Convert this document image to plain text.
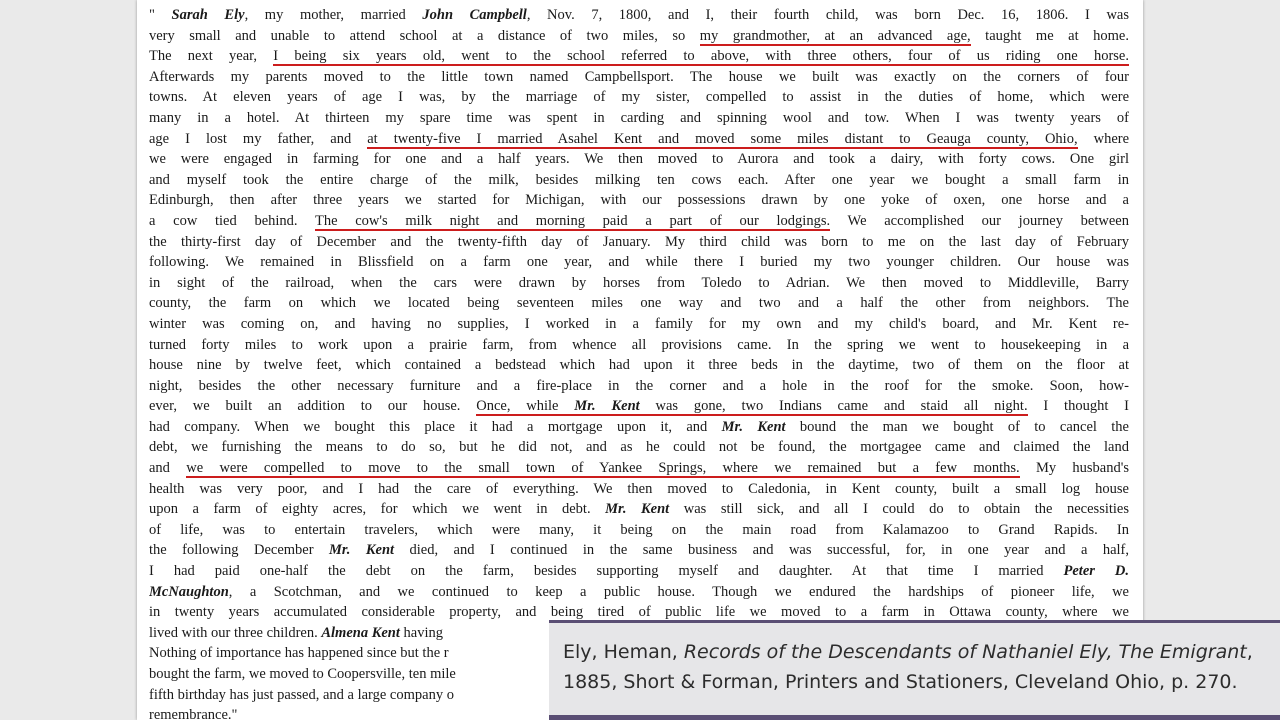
" Sarah Ely, my mother, married John Campbell, Nov. 7, 1800, and I, their fourth child, was born Dec. 16, 1806. I was
very small and unable to attend school at a distance of two miles, so my grandmother, at an advanced age, taught me at home.
The next year, I being six years old, went to the school referred to above, with three others, four of us riding one horse.
Afterwards my parents moved to the little town named Campbellsport. The house we built was exactly on the corners of four
towns. At eleven years of age I was, by the marriage of my sister, compelled to assist in the duties of home, which were
many in a hotel. At thirteen my spare time was spent in carding and spinning wool and tow. When I was twenty years of
age I lost my father, and at twenty-five I married Asahel Kent and moved some miles distant to Geauga county, Ohio, where
we were engaged in farming for one and a half years. We then moved to Aurora and took a dairy, with forty cows. One girl
and myself took the entire charge of the milk, besides milking ten cows each. After one year we bought a small farm in
Edinburgh, then after three years we started for Michigan, with our possessions drawn by one yoke of oxen, one horse and a
a cow tied behind. The cow's milk night and morning paid a part of our lodgings. We accomplished our journey between
the thirty-first day of December and the twenty-fifth day of January. My third child was born to me on the last day of February
following. We remained in Blissfield on a farm one year, and while there I buried my two younger children. Our house was
in sight of the railroad, when the cars were drawn by horses from Toledo to Adrian. We then moved to Middleville, Barry
county, the farm on which we located being seventeen miles one way and two and a half the other from neighbors. The
winter was coming on, and having no supplies, I worked in a family for my own and my child's board, and Mr. Kent re-
turned forty miles to work upon a prairie farm, from whence all provisions came. In the spring we went to housekeeping in a
house nine by twelve feet, which contained a bedstead which had upon it three beds in the daytime, two of them on the floor at
night, besides the other necessary furniture and a fire-place in the corner and a hole in the roof for the smoke. Soon, how-
ever, we built an addition to our house. Once, while Mr. Kent was gone, two Indians came and staid all night. I thought I
had company. When we bought this place it had a mortgage upon it, and Mr. Kent bound the man we bought of to cancel the
debt, we furnishing the means to do so, but he did not, and as he could not be found, the mortgagee came and claimed the land
and we were compelled to move to the small town of Yankee Springs, where we remained but a few months. My husband's
health was very poor, and I had the care of everything. We then moved to Caledonia, in Kent county, built a small log house
upon a farm of eighty acres, for which we went in debt. Mr. Kent was still sick, and all I could do to obtain the necessities
of life, was to entertain travelers, which were many, it being on the main road from Kalamazoo to Grand Rapids. In
the following December Mr. Kent died, and I continued in the same business and was successful, for, in one year and a half,
I had paid one-half the debt on the farm, besides supporting myself and daughter. At that time I married Peter D.
McNaughton, a Scotchman, and we continued to keep a public house. Though we endured the hardships of pioneer life, we
in twenty years accumulated considerable property, and being tired of public life we moved to a farm in Ottawa county, where we
lived with our three children. Almena Kent having
Nothing of importance has happened since but the r
bought the farm, we moved to Coopersville, ten mile
fifth birthday has just passed, and a large company o
remembrance."
Ely, Heman, Records of the Descendants of Nathaniel Ely, The Emigrant, 1885, Short & Forman, Printers and Stationers, Cleveland Ohio, p. 270.
